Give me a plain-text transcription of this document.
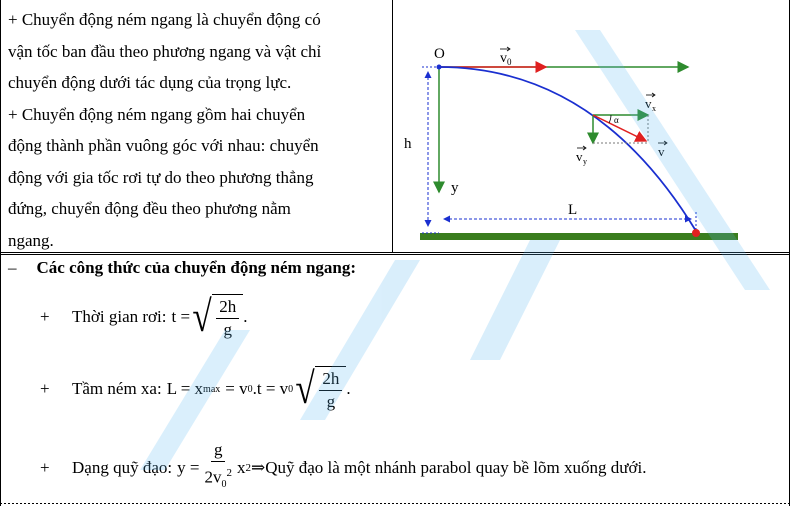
+ Chuyển động ném ngang là chuyển động có

vận tốc ban đầu theo phương ngang và vật chỉ

chuyển động dưới tác dụng của trọng lực.

+ Chuyển động ném ngang gồm hai chuyển

động thành phần vuông góc với nhau: chuyển

động với gia tốc rơi tự do theo phương thẳng

đứng, chuyển động đều theo phương nằm

ngang.

O	v 0
v x
v y
v
α
h
y
L
– Các công thức của chuyển động ném ngang:
+	Thời gian rơi: t = √ $\frac{2h}{g}$ .
+	Tầm ném xa: L = x max = v 0 .t = v 0 √ $\frac{2h}{g}$ .
+	Dạng quỹ đạo: $y = \frac{g}{2v_0^2}$ x 2 ⇒ Quỹ đạo là một nhánh parabol quay bề lõm xuống dưới.
